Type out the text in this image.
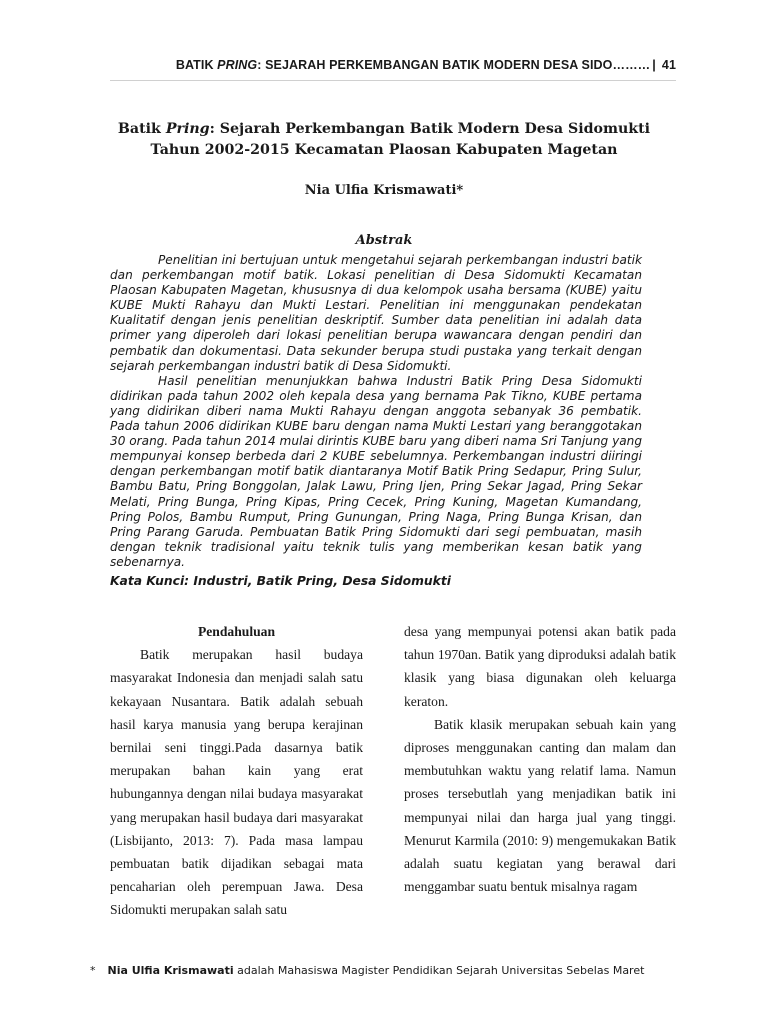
BATIK PRING: SEJARAH PERKEMBANGAN BATIK MODERN DESA SIDO……… | 41
Batik Pring: Sejarah Perkembangan Batik Modern Desa Sidomukti
Tahun 2002-2015 Kecamatan Plaosan Kabupaten Magetan
Nia Ulfia Krismawati*
Abstrak

Penelitian ini bertujuan untuk mengetahui sejarah perkembangan industri batik dan perkembangan motif batik. Lokasi penelitian di Desa Sidomukti Kecamatan Plaosan Kabupaten Magetan, khususnya di dua kelompok usaha bersama (KUBE) yaitu KUBE Mukti Rahayu dan Mukti Lestari. Penelitian ini menggunakan pendekatan Kualitatif dengan jenis penelitian deskriptif. Sumber data penelitian ini adalah data primer yang diperoleh dari lokasi penelitian berupa wawancara dengan pendiri dan pembatik dan dokumentasi. Data sekunder berupa studi pustaka yang terkait dengan sejarah perkembangan industri batik di Desa Sidomukti.

Hasil penelitian menunjukkan bahwa Industri Batik Pring Desa Sidomukti didirikan pada tahun 2002 oleh kepala desa yang bernama Pak Tikno, KUBE pertama yang didirikan diberi nama Mukti Rahayu dengan anggota sebanyak 36 pembatik. Pada tahun 2006 didirikan KUBE baru dengan nama Mukti Lestari yang beranggotakan 30 orang. Pada tahun 2014 mulai dirintis KUBE baru yang diberi nama Sri Tanjung yang mempunyai konsep berbeda dari 2 KUBE sebelumnya. Perkembangan industri diiringi dengan perkembangan motif batik diantaranya Motif Batik Pring Sedapur, Pring Sulur, Bambu Batu, Pring Bonggolan, Jalak Lawu, Pring Ijen, Pring Sekar Jagad, Pring Sekar Melati, Pring Bunga, Pring Kipas, Pring Cecek, Pring Kuning, Magetan Kumandang, Pring Polos, Bambu Rumput, Pring Gunungan, Pring Naga, Pring Bunga Krisan, dan Pring Parang Garuda. Pembuatan Batik Pring Sidomukti dari segi pembuatan, masih dengan teknik tradisional yaitu teknik tulis yang memberikan kesan batik yang sebenarnya.

Kata Kunci: Industri, Batik Pring, Desa Sidomukti
Pendahuluan

Batik merupakan hasil budaya masyarakat Indonesia dan menjadi salah satu kekayaan Nusantara. Batik adalah sebuah hasil karya manusia yang berupa kerajinan bernilai seni tinggi.Pada dasarnya batik merupakan bahan kain yang erat hubungannya dengan nilai budaya masyarakat yang merupakan hasil budaya dari masyarakat (Lisbijanto, 2013: 7). Pada masa lampau pembuatan batik dijadikan sebagai mata pencaharian oleh perempuan Jawa. Desa Sidomukti merupakan salah satu

desa yang mempunyai potensi akan batik pada tahun 1970an. Batik yang diproduksi adalah batik klasik yang biasa digunakan oleh keluarga keraton.

Batik klasik merupakan sebuah kain yang diproses menggunakan canting dan malam dan membutuhkan waktu yang relatif lama. Namun proses tersebutlah yang menjadikan batik ini mempunyai nilai dan harga jual yang tinggi. Menurut Karmila (2010: 9) mengemukakan Batik adalah suatu kegiatan yang berawal dari menggambar suatu bentuk misalnya ragam

* Nia Ulfia Krismawati adalah Mahasiswa Magister Pendidikan Sejarah Universitas Sebelas Maret
